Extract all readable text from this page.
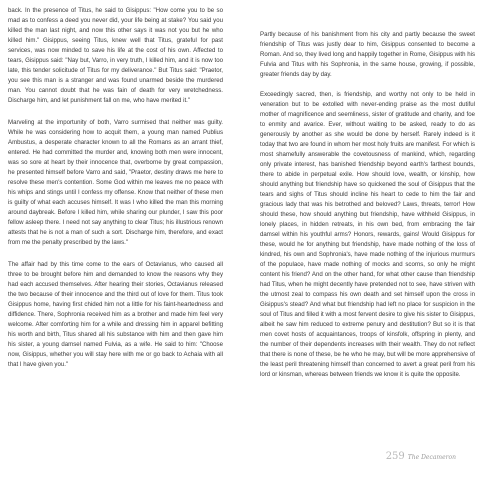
back. In the presence of Titus, he said to Gisippus: "How come you to be so mad as to confess a deed you never did, your life being at stake? You said you killed the man last night, and now this other says it was not you but he who killed him." Gisippus, seeing Titus, knew well that Titus, grateful for past services, was now minded to save his life at the cost of his own. Affected to tears, Gisippus said: "Nay but, Varro, in very truth, I killed him, and it is now too late, this tender solicitude of Titus for my deliverance." But Titus said: "Praetor, you see this man is a stranger and was found unarmed beside the murdered man. You cannot doubt that he was fain of death for very wretchedness. Discharge him, and let punishment fall on me, who have merited it."

Marveling at the importunity of both, Varro surmised that neither was guilty. While he was considering how to acquit them, a young man named Publius Ambustus, a desperate character known to all the Romans as an arrant thief, entered. He had committed the murder and, knowing both men were innocent, was so sore at heart by their innocence that, overborne by great compassion, he presented himself before Varro and said, "Praetor, destiny draws me here to resolve these men's contention. Some God within me leaves me no peace with his whips and stings until I confess my offense. Know that neither of these men is guilty of what each accuses himself. It was I who killed the man this morning around daybreak. Before I killed him, while sharing our plunder, I saw this poor fellow asleep there. I need not say anything to clear Titus; his illustrious renown attests that he is not a man of such a sort. Discharge him, therefore, and exact from me the penalty prescribed by the laws."

The affair had by this time come to the ears of Octavianus, who caused all three to be brought before him and demanded to know the reasons why they had each accused themselves. After hearing their stories, Octavianus released the two because of their innocence and the third out of love for them. Titus took Gisippus home, having first chided him not a little for his faint-heartedness and diffidence. There, Sophronia received him as a brother and made him feel very welcome. After comforting him for a while and dressing him in apparel befitting his worth and birth, Titus shared all his substance with him and then gave him his sister, a young damsel named Fulvia, as a wife. He said to him: "Choose now, Gisippus, whether you will stay here with me or go back to Achaia with all that I have given you."

Partly because of his banishment from his city and partly because the sweet friendship of Titus was justly dear to him, Gisippus consented to become a Roman. And so, they lived long and happily together in Rome, Gisippus with his Fulvia and Titus with his Sophronia, in the same house, growing, if possible, greater friends day by day.

Exceedingly sacred, then, is friendship, and worthy not only to be held in veneration but to be extolled with never-ending praise as the most dutiful mother of magnificence and seemliness, sister of gratitude and charity, and foe to enmity and avarice. Ever, without waiting to be asked, ready to do as generously by another as she would be done by herself. Rarely indeed is it today that two are found in whom her most holy fruits are manifest. For which is most shamefully answerable the covetousness of mankind, which, regarding only private interest, has banished friendship beyond earth's farthest bounds, there to abide in perpetual exile. How should love, wealth, or kinship, how should anything but friendship have so quickened the soul of Gisippus that the tears and sighs of Titus should incline his heart to cede to him the fair and gracious lady that was his betrothed and beloved? Laws, threats, terror! How should these, how should anything but friendship, have withheld Gisippus, in lonely places, in hidden retreats, in his own bed, from embracing the fair damsel within his youthful arms? Honors, rewards, gains! Would Gisippus for these, would he for anything but friendship, have made nothing of the loss of kindred, his own and Sophronia's, have made nothing of the injurious murmurs of the populace, have made nothing of mocks and scorns, so only he might content his friend? And on the other hand, for what other cause than friendship had Titus, when he might decently have pretended not to see, have striven with the utmost zeal to compass his own death and set himself upon the cross in Gisippus's stead? And what but friendship had left no place for suspicion in the soul of Titus and filled it with a most fervent desire to give his sister to Gisippus, albeit he saw him reduced to extreme penury and destitution? But so it is that men covet hosts of acquaintances, troops of kinsfolk, offspring in plenty, and the number of their dependents increases with their wealth. They do not reflect that there is none of these, be he who he may, but will be more apprehensive of the least peril threatening himself than concerned to avert a great peril from his lord or kinsman, whereas between friends we know it is quite the opposite.

259 The Decameron
